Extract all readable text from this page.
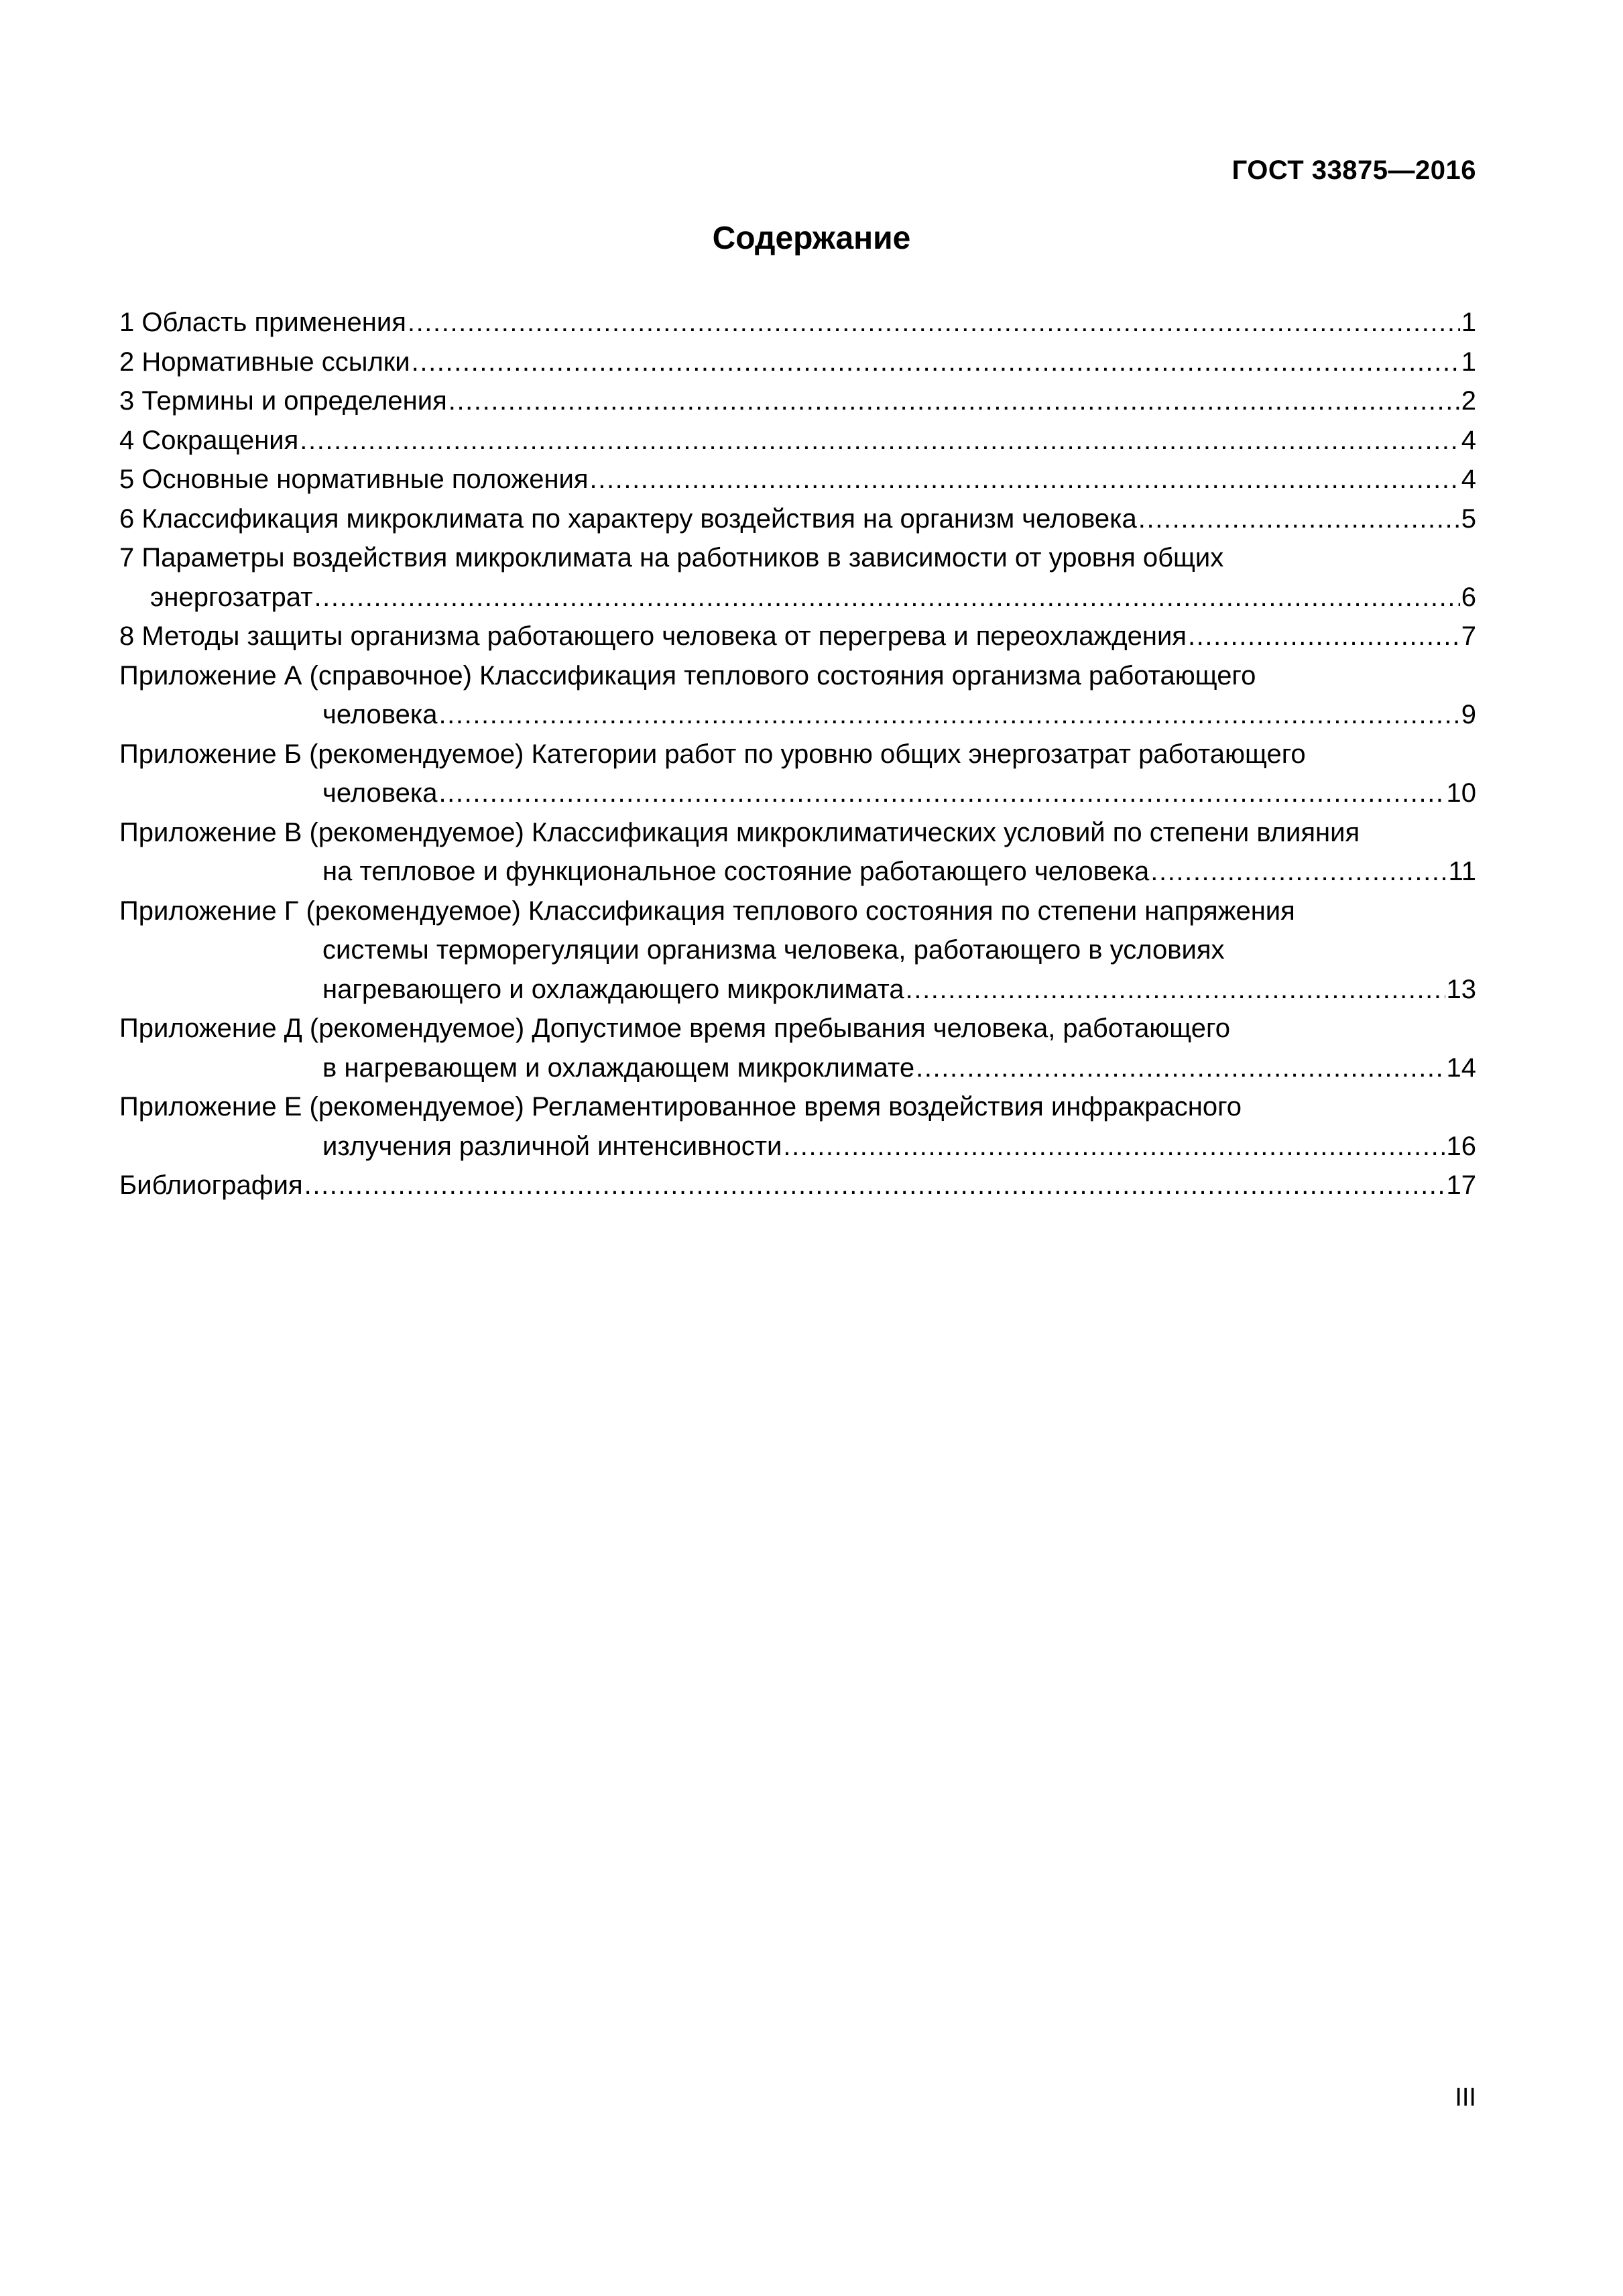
ГОСТ 33875—2016
Содержание
1 Область применения .....	1
2 Нормативные ссылки .....	1
3 Термины и определения .....	2
4 Сокращения .....	4
5 Основные нормативные положения .....	4
6 Классификация микроклимата по характеру воздействия на организм человека .....	5
7 Параметры воздействия микроклимата на работников в зависимости от уровня общих
энергозатрат .....	6
8 Методы защиты организма работающего человека от перегрева и переохлаждения .....	7
Приложение А (справочное) Классификация теплового состояния организма работающего
человека .....	9
Приложение Б (рекомендуемое) Категории работ по уровню общих энергозатрат работающего
человека .....	10
Приложение В (рекомендуемое) Классификация микроклиматических условий по степени влияния
на тепловое и функциональное состояние работающего человека .....	11
Приложение Г (рекомендуемое) Классификация теплового состояния по степени напряжения
системы терморегуляции организма человека, работающего в условиях
нагревающего и охлаждающего микроклимата .....	13
Приложение Д (рекомендуемое) Допустимое время пребывания человека, работающего
в нагревающем и охлаждающем микроклимате .....	14
Приложение Е (рекомендуемое) Регламентированное время воздействия инфракрасного
излучения различной интенсивности .....	16
Библиография .....	17
III
